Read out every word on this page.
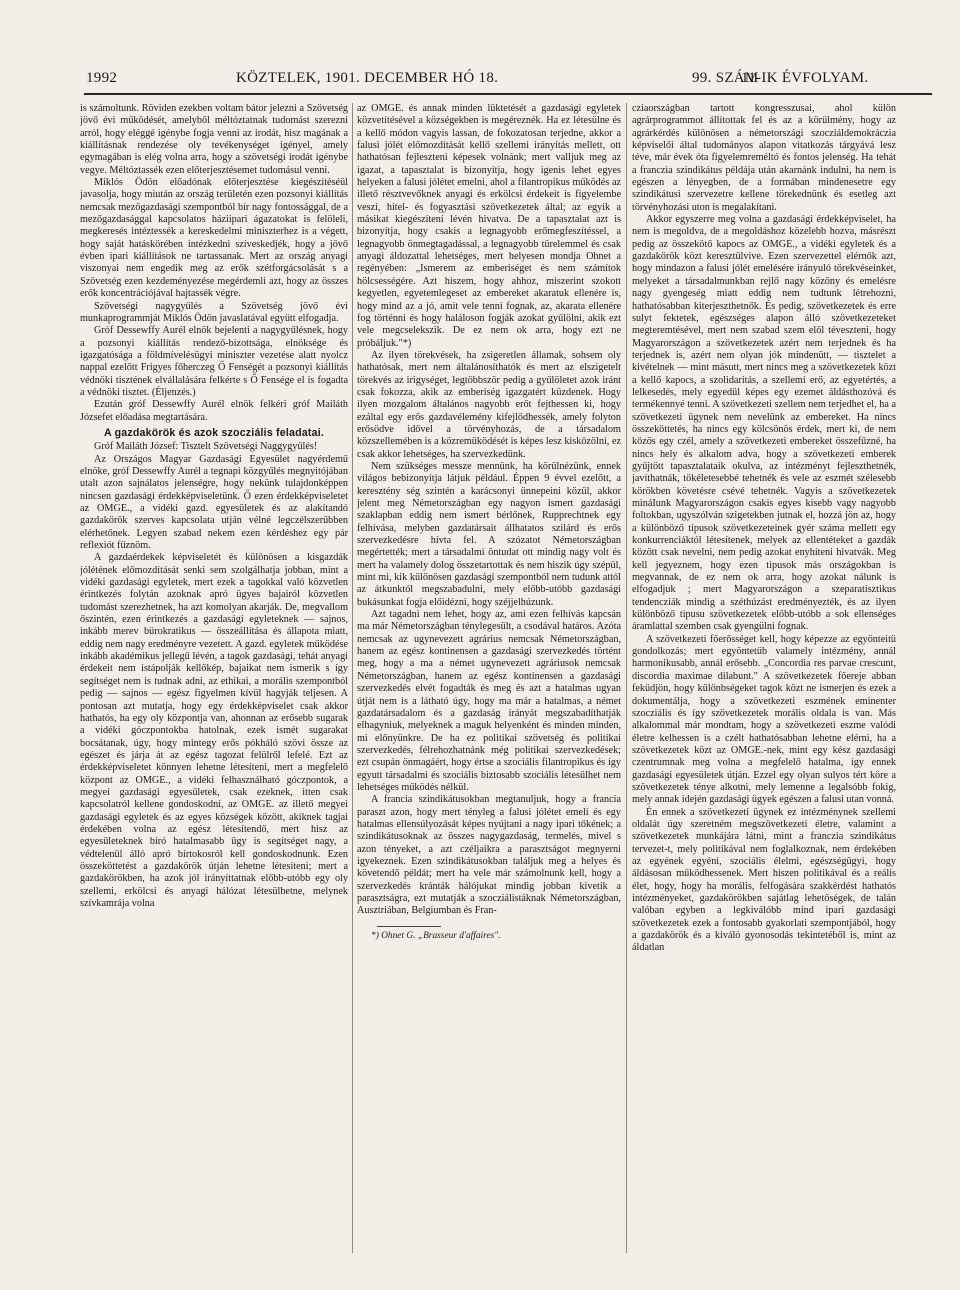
1992	KÖZTELEK, 1901. DECEMBER HÓ 18.	99. SZÁM
11-IK ÉVFOLYAM.

is számoltunk. Röviden ezekben voltam bátor jelezni a Szövetség jövő évi működését, amelyből méltóztatnak tudomást szerezni arról, hogy eléggé igénybe fogja venni az irodát, hisz magának a kiállításnak rendezése oly tevékenységet igényel, amely egymagában is elég volna arra, hogy a szövetségi irodát igénybe vegye. Méltóztassék ezen előterjesztésemet tudomásul venni.

Miklós Ödön előadónak előterjesztése kiegészítéséül javasolja, hogy miután az ország területén ezen pozsonyi kiállítás nemcsak mezőgazdasági szempontból bír nagy fontossággal, de a mezőgazdasággal kapcsolatos háziipari ágazatokat is felöleli, megkeresés intéztessék a kereskedelmi miniszterhez is a végett, hogy saját hatáskörében intézkedni szíveskedjék, hogy a jövő évben ipari kiállítások ne tartassanak. Mert az ország anyagi viszonyai nem engedik meg az erők szétforgácsolását s a Szövetség ezen kezdeményezése megérdemli azt, hogy az összes erők koncentrációjával hajtassék végre.

Szövetségi nagygyűlés a Szövetség jövő évi munkaprogrammját Miklós Ödön javaslatával együtt elfogadja.

Gróf Dessewffy Aurél elnök bejelenti a nagygyűlésnek, hogy a pozsonyi kiállítás rendező-bizottsága, elnöksége és igazgatósága a földmívelésügyi miniszter vezetése alatt nyolcz nappal ezelőtt Frigyes főherczeg Ő Fenségét a pozsonyi kiállítás védnöki tisztének elvállalására felkérte s Ő Fensége el is fogadta a védnöki tisztet. (Éljenzés.)

Ezután gróf Dessewffy Aurél elnök felkéri gróf Mailáth Józsefet előadása megtartására.

A gazdakörök és azok szocziális feladatai.

Gróf Mailáth József: Tisztelt Szövetségi Naggygyűlés!

Az Országos Magyar Gazdasági Egyesület nagyérdemű elnöke, gróf Dessewffy Aurél a tegnapi közgyűlés megnyitójában utalt azon sajnálatos jelenségre, hogy nekünk tulajdonképpen nincsen gazdasági érdekképviseletünk. Ő ezen érdekképviseletet az OMGE., a vidéki gazd. egyesületek és az alakítandó gazdakörök szerves kapcsolata utján vélné legczélszerűbben elérhetőnek. Legyen szabad nekem ezen kérdéshez egy pár reflexiót fűznöm.

A gazdaérdekek képviseletét és különösen a kisgazdák jólétének előmozdítását senki sem szolgálhatja jobban, mint a vidéki gazdasági egyletek, mert ezek a tagokkal való közvetlen érintkezés folytán azoknak apró ügyes bajairól közvetlen tudomást szerezhetnek, ha azt komolyan akarják. De, megvallom őszintén, ezen érintkezés a gazdasági egyleteknek — sajnos, inkább merev bürokratikus — összeállítása és állapota miatt, eddig nem nagy eredményre vezetett. A gazd. egyletek működése inkább akadémikus jellegű lévén, a tagok gazdasági, tehát anyagi érdekeit nem istápolják kellőkép, bajaikat nem ismerik s így segítséget nem is tudnak adni, az ethikai, a morális szempontból pedig — sajnos — egész figyelmen kívül hagyják teljesen. A pontosan azt mutatja, hogy egy érdekképviselet csak akkor hathatós, ha egy oly központja van, ahonnan az erősebb sugarak a vidéki góczpontokba hatolnak, ezek ismét sugarakat bocsátanak, úgy, hogy mintegy erős pókháló szövi össze az egészet és járja át az egész tagozat felülről lefelé. Ezt az érdekképviseletet könnyen lehetne létesíteni, mert a megfelelő központ az OMGE., a vidéki felhasználható góczpontok, a megyei gazdasági egyesületek, csak ezeknek, itten csak kapcsolatról kellene gondoskodni, az OMGE. az illető megyei gazdasági egyletek és az egyes községek között, akiknek tagjai érdekében volna az egész létesítendő, mert hisz az egyesületeknek bíró hatalmasabb ügy is segítséget nagy, a védtelenül álló apró birtokosról kell gondoskodnunk. Ezen összeköttetést a gazdakörök útján lehetne létesíteni; mert a gazdakörökben, ha azok jól irányíttatnak előbb-utóbb egy oly szellemi, erkölcsi és anyagi hálózat létesülhetne, melynek szívkamrája volna

az OMGE. és annak minden lüktetését a gazdasági egyletek közvetítésével a községekben is megéreznék. Ha ez létesülne és a kellő módon vagyis lassan, de fokozatosan terjedne, akkor a falusi jólét előmozdítását kellő szellemi irányítás mellett, ott hathatósan fejleszteni képesek volnánk; mert valljuk meg az igazat, a tapasztalat is bizonyítja, hogy igenis lehet egyes helyeken a falusi jólétet emelni, ahol a filantropikus működés az illető résztvevőknek anyagi és erkölcsi érdekeit is figyelembe veszi, hitel- és fogyasztási szövetkezetek által; az egyik a másikat kiegészítení lévén hivatva. De a tapasztalat azt is bizonyítja, hogy csakis a legnagyobb erőmegfeszítéssel, a legnagyobb önmegtagadással, a legnagyobb türelemmel és csak anyagi áldozattal lehetséges, mert helyesen mondja Ohnet a regényében: „Ismerem az emberiséget és nem számítok hölcsességére. Azt hiszem, hogy ahhoz, miszerint szokott kegyetlen, egyetemlegeset az embereket akaratuk ellenére is, hogy mind az a jó, amit vele tenni fognak, az, akarata ellenére fog történni és hogy haláloson fogják azokat gyűlölni, akik ezt vele megcselekszik. De ez nem ok arra, hogy ezt ne próbáljuk."*)

Az ilyen törekvések, ha zsigeretlen államak, sohsem oly hathatósak, mert nem általánosíthatók és mert az elszigetelt törekvés az irigységet, legtöbbször pedig a gyűlöletet azok iránt csak fokozza, akik az emberiség igazgatért küzdenek. Hogy ilyen mozgalom általános nagyobb erőt fejthessen ki, hogy ezáltal egy erős gazdavélemény kifejlődhessék, amely folyton erősödve idővel a törvényhozás, de a társadalom közszellemében is a közremüködését is képes lesz kisközölni, ez csak akkor lehetséges, ha szervezkedünk.

Nem szükséges messze mennünk, ha körülnézünk, ennek világos bebizonyítja látjuk például. Éppen 9 évvel ezelőtt, a keresztény ség szintén a karácsonyi ünnepeini közül, akkor jelent meg Németországban egy nagyon ismert gazdasági szaklapban eddig nem ismert bérlőnek, Rupprechtnek egy felhívása, melyben gazdatársait állhatatos szilárd és erős szervezkedésre hívta fel. A szózatot Németországban megértették; mert a társadalmi öntudat ott mindig nagy volt és mert ha valamely dolog összetartottak és nem hiszik úgy szépül, mint mi, kik különösen gazdasági szempontból nem tudunk attól az átkunktól megszabadulni, mely előbb-utóbb gazdasági bukásunkat fogja előidézni, hogy széjjelhúzunk.

Azt tagadni nem lehet, hogy az, ami ezen felhívás kapcsán ma már Németországban ténylegesült, a csodával határos. Azóta nemcsak az ugynevezett agrárius nemcsak Németországban, hanem az egész kontinensen a gazdasági szervezkedés történt meg, hogy a ma a német ugynevezett agráriusok nemcsak Németországban, hanem az egész kontinensen a gazdasági szervezkedés elvét fogadták és meg és azt a hatalmas ugyan útját nem is a látható úgy, hogy ma már a hatalmas, a német gazdatársadalom és a gazdaság irányát megszabadíthatják elhagyniuk, melyeknek a maguk helyenként és minden minden, mi előnyünkre. De ha ez politikai szövetség és politikai szervezkedés, félrehozhatnánk még politikai szervezkedések; ezt csupán önmagáért, hogy értse a szociális filantropikus és így egyutt társadalmi és szociális biztosabb szociális létesülhet nem lehetséges működés nélkül.

A francia szindikátusokban megtanuljuk, hogy a francia paraszt azon, hogy mert tényleg a falusi jólétet emeli és egy hatalmas ellensúlyozását képes nyújtani a nagy ipari tőkének; a szindikátusoknak az összes nagygazdaság, termelés, mivel s azon tényeket, a azt czéljaikra a parasztságot megnyerni igyekeznek. Ezen szindikátusokban találjuk meg a helyes és követendő példát; mert ha vele már számolnunk kell, hogy a szervezkedés kránták hálójukat mindig jobban kivetik a parasztságra, ezt mutatják a szocziálistáknak Németországban, Ausztriában, Belgiumban és Fran-

*) Ohnet G. „Brasseur d'affaires".

cziaországban tartott kongresszusai, ahol külön agrárprogrammot állítottak fel és az a körülmény, hogy az agrárkérdés különösen a németországi szocziáldemokráczia képviselői által tudományos alapon vitatkozás tárgyává lesz téve, már évek óta figyelemreméltó és fontos jelenség. Ha tehát a franczia szindikátus példája után akarnánk indulni, ha nem is egészen a lényegben, de a formában mindenesetre egy szindikátusi szervezetre kellene törekednünk és esetleg azt törvényhozási uton is megalakítani.

Akkor egyszerre meg volna a gazdasági érdekképviselet, ha nem is megoldva, de a megoldáshoz közelebb hozva, másrészt pedig az összekötő kapocs az OMGE., a vidéki egyletek és a gazdakörök közt keresztülvive. Ezen szervezettel elérnők azt, hogy mindazon a falusi jólét emelésére irányuló törekvéseinket, melyeket a társadalmunkban rejlő nagy közöny és emelésre nagy gyengeség miatt eddig nem tudtunk létrehozni, hathatósabban kiterjeszthetnők. És pedig, szövetkezetek és erre sulyt fektetek, egészséges alapon álló szövetkezeteket megteremtésével, mert nem szabad szem elől téveszteni, hogy Magyarországon a szövetkezetek azért nem terjednek és ha terjednek is, azért nem olyan jók mindenütt, — tisztelet a kivételnek — mint másutt, mert nincs meg a szövetkezetek közt a kellő kapocs, a szolidaritás, a szellemi erő, az egyetértés, a lelkesedés, mely egyedül képes egy ezemet áldásthozóvá és termékennyé tenni. A szövetkezeti szellem nem terjedhet el, ha a szövetkezeti ügynek nem nevelünk az embereket. Ha nincs összeköttetés, ha nincs egy kölcsönös érdek, mert ki, de nem közös egy czél, amely a szövetkezeti embereket összefűzné, ha nincs hely és alkalom adva, hogy a szövetkezeti emberek gyűjtött tapasztalataik okulva, az intézményt fejleszthetnék, javíthatnák, tökéletesebbé tehetnék és vele az eszmét szélesebb körökben követésre csévé tehetnék. Vagyis a szövetkezetek mináIunk Magyarországon csakis egyes kisebb vagy nagyobb foltokban, ugyszólván szigetekben jutnak el, hozzá jön az, hogy a különböző tipusok szövetkezeteinek gyér száma mellett egy konkurrenciáktól létesítenek, melyek az ellentéteket a gazdák között csak nevelni, nem pedig azokat enyhíteni hivatvák. Meg kell jegyeznem, hogy ezen tipusok más országokban is megvannak, de ez nem ok arra, hogy azokat nálunk is elfogadjuk ; mert Magyarországon a szeparatisztikus tendencziák mindig a széthúzást eredményezték, és az ilyen különböző tipusu szövetkezetek előbb-utóbb a sok ellenséges áramlattal szemben csak gyengülni fognak.

A szövetkezeti főerősséget kell, hogy képezze az egyönteitü gondolkozás; mert egyöntetűb valamely intézmény, annál harmonikusabb, annál erősebb. „Concordia res parvae crescunt, discordia maximae dilabunt." A szövetkezetek főereje abban feküdjön, hogy különbségeket tagok közt ne ismerjen és ezek a dokumentálja, hogy a szövetkezeti eszmének eminenter szocziális és így szövetkezetek morális oldala is van. Más alkalommal már mondtam, hogy a szövetkezeti eszme valódi életre kelhessen is a czélt hathatósabban lehetne elérni, ha a szövetkezetek közt az OMGE.-nek, mint egy kész gazdasági czentrumnak meg volna a megfelelő hatalma, így ennek gazdasági egyesületek útján. Ezzel egy olyan sulyos tért köre a szövetkezetek ténye alkotni, mely lemenne a legalsóbb fokig, mely annak idején gazdasági ügyek egészen a falusi utan vonná.

Én ennek a szövetkezeti ügynek ez intézménynek szellemi oldalát úgy szeretném megszövetkezeti életre, valamint a szövetkezetek munkájára látni, mint a franczia szindikátus tervezet-t, mely politikával nem foglalkoznak, nem érdekében az egyének egyéni, szociális élelmi, egészségügyi, hogy áldásosan működhessenek. Mert hiszen politikával és a reális élet, hogy, hogy ha morális, felfogására szakkérdést hathatós intézményeket, gazdakörökben sajátlag lehetőségek, de talán valóban egyben a legkiválóbb mind ipari gazdasági szövetkezetek ezek a fontosabb gyakorlati szempontjából, hogy a gazdakörök és a kiváló gyonosodás tekintetéből is, mint az áldatlan
